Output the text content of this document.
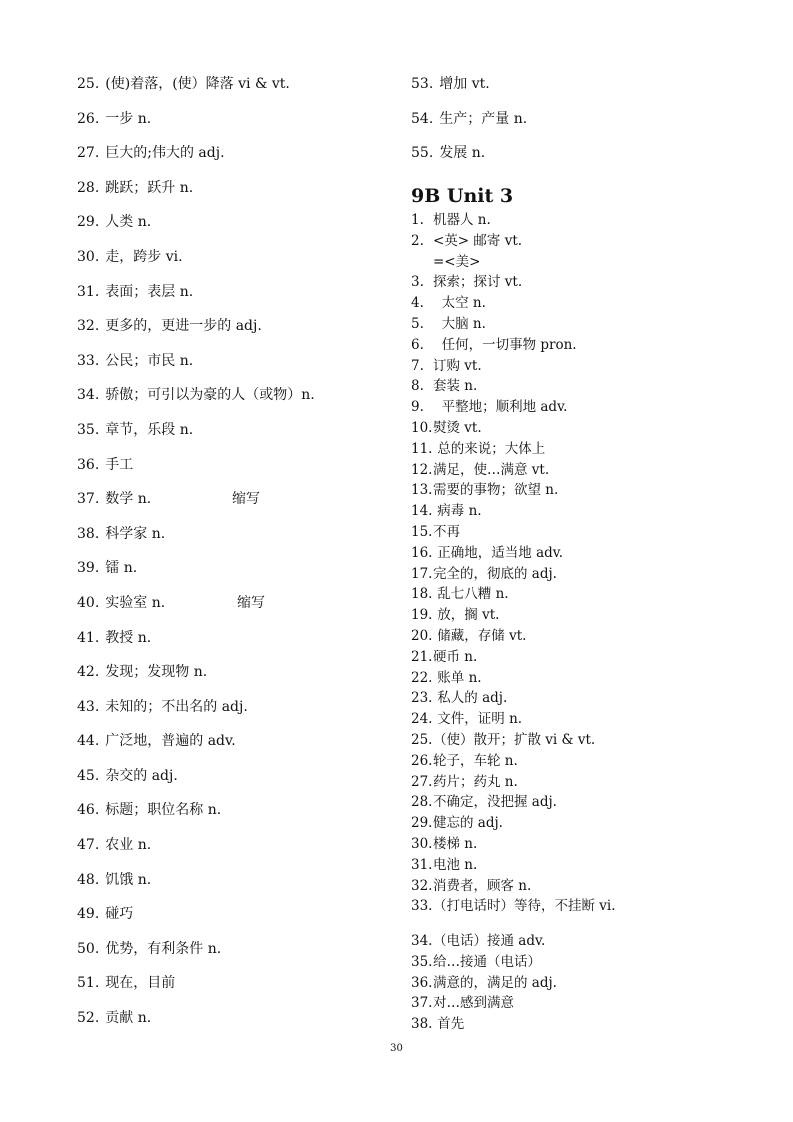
25. (使)着落，(使）降落 vi & vt.
26. 一步 n.
27. 巨大的;伟大的 adj.
28. 跳跃；跃升 n.
29. 人类 n.
30. 走，跨步 vi.
31. 表面；表层 n.
32. 更多的，更进一步的 adj.
33. 公民；市民 n.
34. 骄傲；可引以为豪的人（或物）n.
35. 章节，乐段 n.
36. 手工
37. 数学 n.	缩写
38. 科学家 n.
39. 镭 n.
40. 实验室 n.	缩写
41. 教授 n.
42. 发现；发现物 n.
43. 未知的；不出名的 adj.
44. 广泛地，普遍的 adv.
45. 杂交的 adj.
46. 标题；职位名称 n.
47. 农业 n.
48. 饥饿 n.
49. 碰巧
50. 优势，有利条件 n.
51. 现在，目前
52. 贡献 n.
53. 增加 vt.
54. 生产；产量 n.
55. 发展 n.
9B Unit 3
1. 机器人 n.
2. <英> 邮寄 vt.
=<美>
3. 探索；探讨 vt.
4.  太空 n.
5.  大脑 n.
6.  任何，一切事物 pron.
7. 订购 vt.
8. 套装 n.
9.  平整地；顺利地 adv.
10.熨烫 vt.
11. 总的来说；大体上
12.满足，使…满意 vt.
13.需要的事物；欲望 n.
14. 病毒 n.
15.不再
16. 正确地，适当地 adv.
17.完全的，彻底的 adj.
18. 乱七八糟 n.
19. 放，搁 vt.
20. 储藏，存储 vt.
21.硬币 n.
22. 账单 n.
23. 私人的 adj.
24. 文件，证明 n.
25.（使）散开；扩散 vi & vt.
26.轮子，车轮 n.
27.药片；药丸 n.
28.不确定，没把握 adj.
29.健忘的 adj.
30.楼梯 n.
31.电池 n.
32.消费者，顾客 n.
33.（打电话时）等待，不挂断 vi.
34.（电话）接通 adv.
35.给…接通（电话）
36.满意的，满足的 adj.
37.对…感到满意
38. 首先
30
